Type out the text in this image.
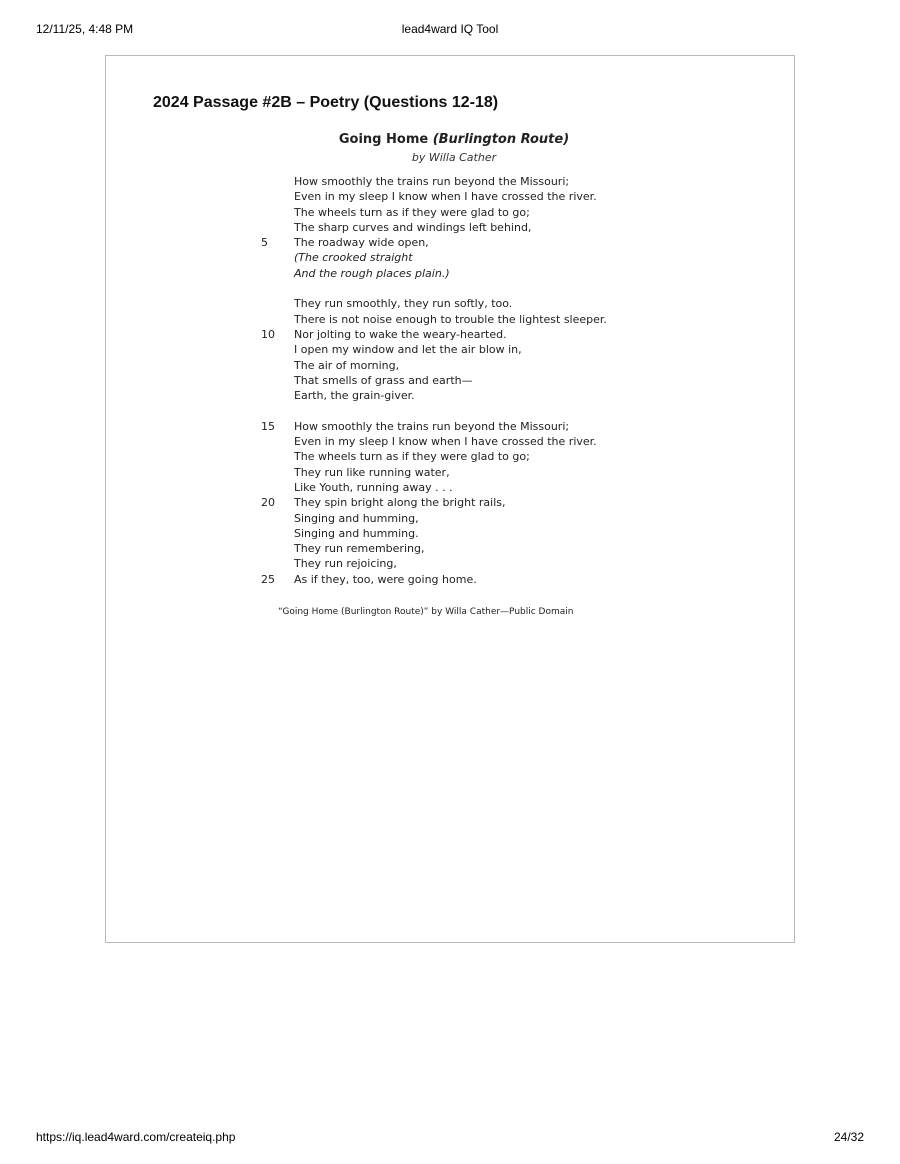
12/11/25, 4:48 PM	lead4ward IQ Tool
2024 Passage #2B – Poetry (Questions 12-18)
Going Home (Burlington Route)
by Willa Cather
How smoothly the trains run beyond the Missouri;
Even in my sleep I know when I have crossed the river.
The wheels turn as if they were glad to go;
The sharp curves and windings left behind,
5 The roadway wide open,
(The crooked straight
And the rough places plain.)
They run smoothly, they run softly, too.
There is not noise enough to trouble the lightest sleeper.
10 Nor jolting to wake the weary-hearted.
I open my window and let the air blow in,
The air of morning,
That smells of grass and earth—
Earth, the grain-giver.
15 How smoothly the trains run beyond the Missouri;
Even in my sleep I know when I have crossed the river.
The wheels turn as if they were glad to go;
They run like running water,
Like Youth, running away . . .
20 They spin bright along the bright rails,
Singing and humming,
Singing and humming.
They run remembering,
They run rejoicing,
25 As if they, too, were going home.
“Going Home (Burlington Route)” by Willa Cather—Public Domain
https://iq.lead4ward.com/createiq.php	24/32
